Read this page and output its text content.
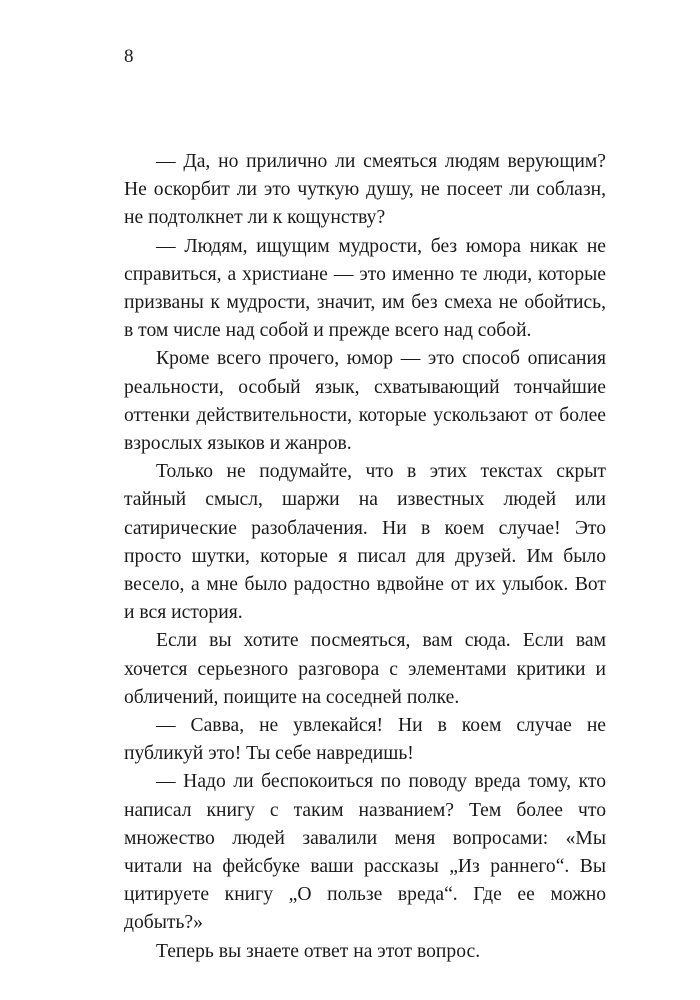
8

— Да, но прилично ли смеяться людям верующим? Не оскорбит ли это чуткую душу, не посеет ли соблазн, не подтолкнет ли к кощунству?

— Людям, ищущим мудрости, без юмора никак не справиться, а христиане — это именно те люди, которые призваны к мудрости, значит, им без смеха не обойтись, в том числе над собой и прежде всего над собой.

Кроме всего прочего, юмор — это способ описания реальности, особый язык, схватывающий тончайшие оттенки действительности, которые ускользают от более взрослых языков и жанров.

Только не подумайте, что в этих текстах скрыт тайный смысл, шаржи на известных людей или сатирические разоблачения. Ни в коем случае! Это просто шутки, которые я писал для друзей. Им было весело, а мне было радостно вдвойне от их улыбок. Вот и вся история.

Если вы хотите посмеяться, вам сюда. Если вам хочется серьезного разговора с элементами критики и обличений, поищите на соседней полке.

— Савва, не увлекайся! Ни в коем случае не публикуй это! Ты себе навредишь!

— Надо ли беспокоиться по поводу вреда тому, кто написал книгу с таким названием? Тем более что множество людей завалили меня вопросами: «Мы читали на фейсбуке ваши рассказы „Из раннего“. Вы цитируете книгу „О пользе вреда“. Где ее можно добыть?»

Теперь вы знаете ответ на этот вопрос.
